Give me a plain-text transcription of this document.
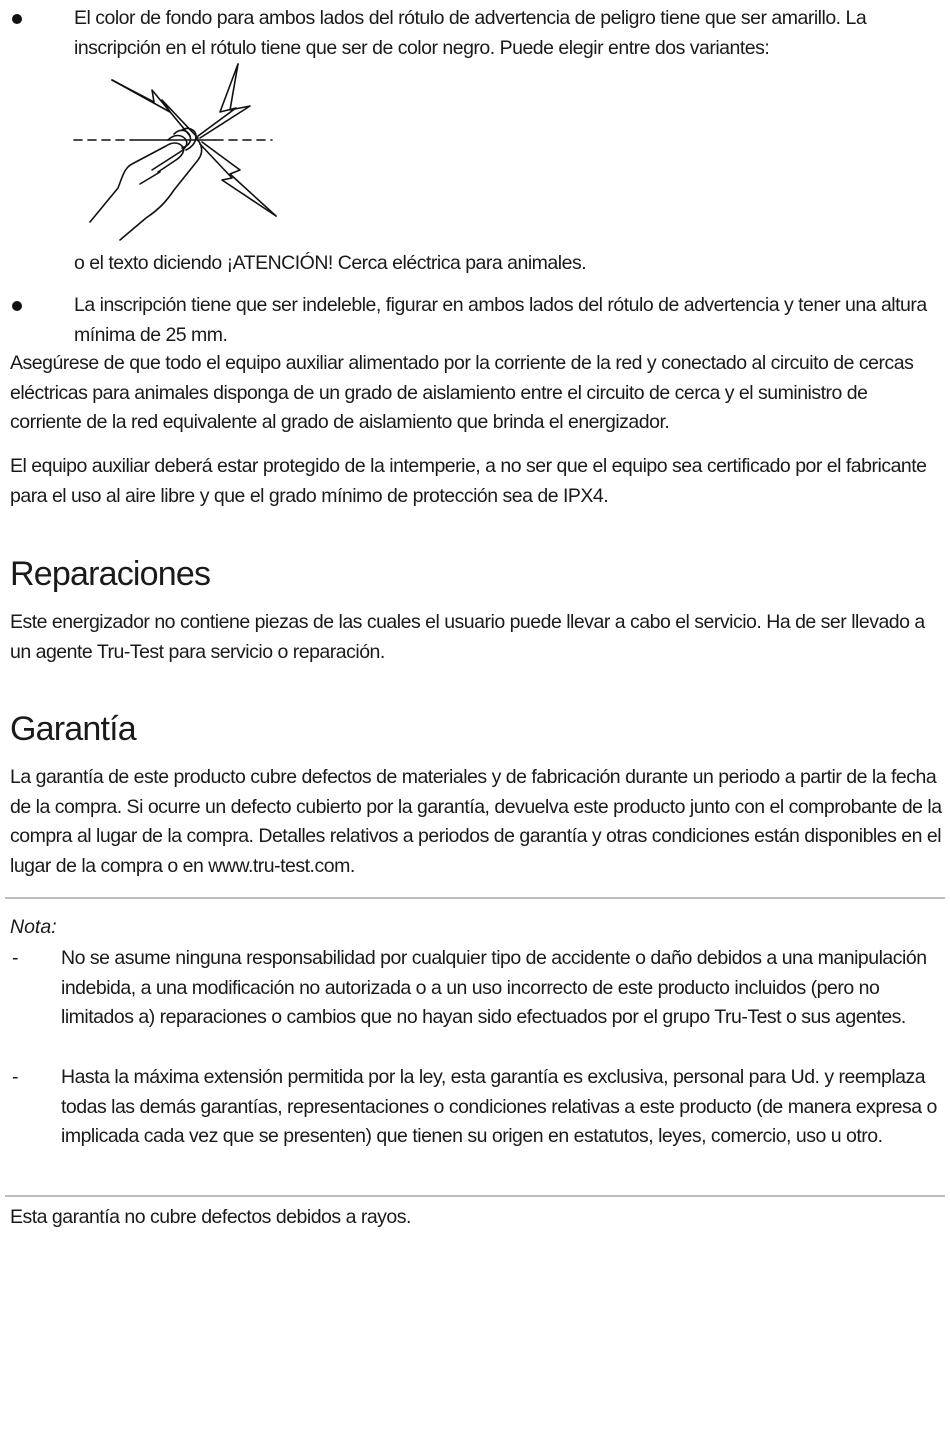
El color de fondo para ambos lados del rótulo de advertencia de peligro tiene que ser amarillo. La inscripción en el rótulo tiene que ser de color negro. Puede elegir entre dos variantes:

o el texto diciendo ¡ATENCIÓN! Cerca eléctrica para animales.

La inscripción tiene que ser indeleble, figurar en ambos lados del rótulo de advertencia y tener una altura mínima de 25 mm.

Asegúrese de que todo el equipo auxiliar alimentado por la corriente de la red y conectado al circuito de cercas eléctricas para animales disponga de un grado de aislamiento entre el circuito de cerca y el suministro de corriente de la red equivalente al grado de aislamiento que brinda el energizador.

El equipo auxiliar deberá estar protegido de la intemperie, a no ser que el equipo sea certificado por el fabricante para el uso al aire libre y que el grado mínimo de protección sea de IPX4.

Reparaciones

Este energizador no contiene piezas de las cuales el usuario puede llevar a cabo el servicio. Ha de ser llevado a un agente Tru-Test para servicio o reparación.

Garantía

La garantía de este producto cubre defectos de materiales y de fabricación durante un periodo a partir de la fecha de la compra. Si ocurre un defecto cubierto por la garantía, devuelva este producto junto con el comprobante de la compra al lugar de la compra. Detalles relativos a periodos de garantía y otras condiciones están disponibles en el lugar de la compra o en www.tru-test.com.

Nota:
- No se asume ninguna responsabilidad por cualquier tipo de accidente o daño debidos a una manipulación indebida, a una modificación no autorizada o a un uso incorrecto de este producto incluidos (pero no limitados a) reparaciones o cambios que no hayan sido efectuados por el grupo Tru-Test o sus agentes.

- Hasta la máxima extensión permitida por la ley, esta garantía es exclusiva, personal para Ud. y reemplaza todas las demás garantías, representaciones o condiciones relativas a este producto (de manera expresa o implicada cada vez que se presenten) que tienen su origen en estatutos, leyes, comercio, uso u otro.

Esta garantía no cubre defectos debidos a rayos.
